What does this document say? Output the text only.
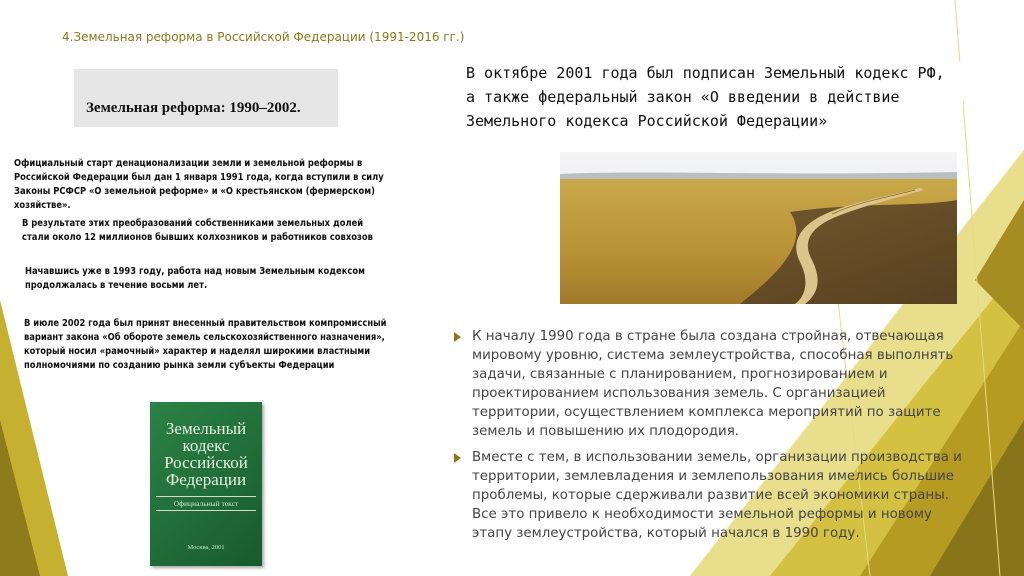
4.Земельная реформа в Российской Федерации (1991-2016 гг.)
Земельная реформа: 1990–2002.
Официальный старт денационализации земли и земельной реформы в Российской Федерации был дан 1 января 1991 года, когда вступили в силу Законы РСФСР «О земельной реформе» и «О крестьянском (фермерском) хозяйстве».
В результате этих преобразований собственниками земельных долей стали около 12 миллионов бывших колхозников и работников совхозов
Начавшись уже в 1993 году, работа над новым Земельным кодексом продолжалась в течение восьми лет.
В июле 2002 года был принят внесенный правительством компромиссный вариант закона «Об обороте земель сельскохозяйственного назначения», который носил «рамочный» характер и наделял широкими властными полномочиями по созданию рынка земли субъекты Федерации
Земельный кодекс Российской Федерации
Официальный текст
Москва, 2001
В октябре 2001 года был подписан Земельный кодекс РФ, а также федеральный закон «О введении в действие Земельного кодекса Российской Федерации»
К началу 1990 года в стране была создана стройная, отвечающая мировому уровню, система землеустройства, способная выполнять задачи, связанные с планированием, прогнозированием и проектированием использования земель. С организацией территории, осуществлением комплекса мероприятий по защите земель и повышению их плодородия.
Вместе с тем, в использовании земель, организации производства и территории, землевладения и землепользования имелись большие проблемы, которые сдерживали развитие всей экономики страны. Все это привело к необходимости земельной реформы и новому этапу землеустройства, который начался в 1990 году.
